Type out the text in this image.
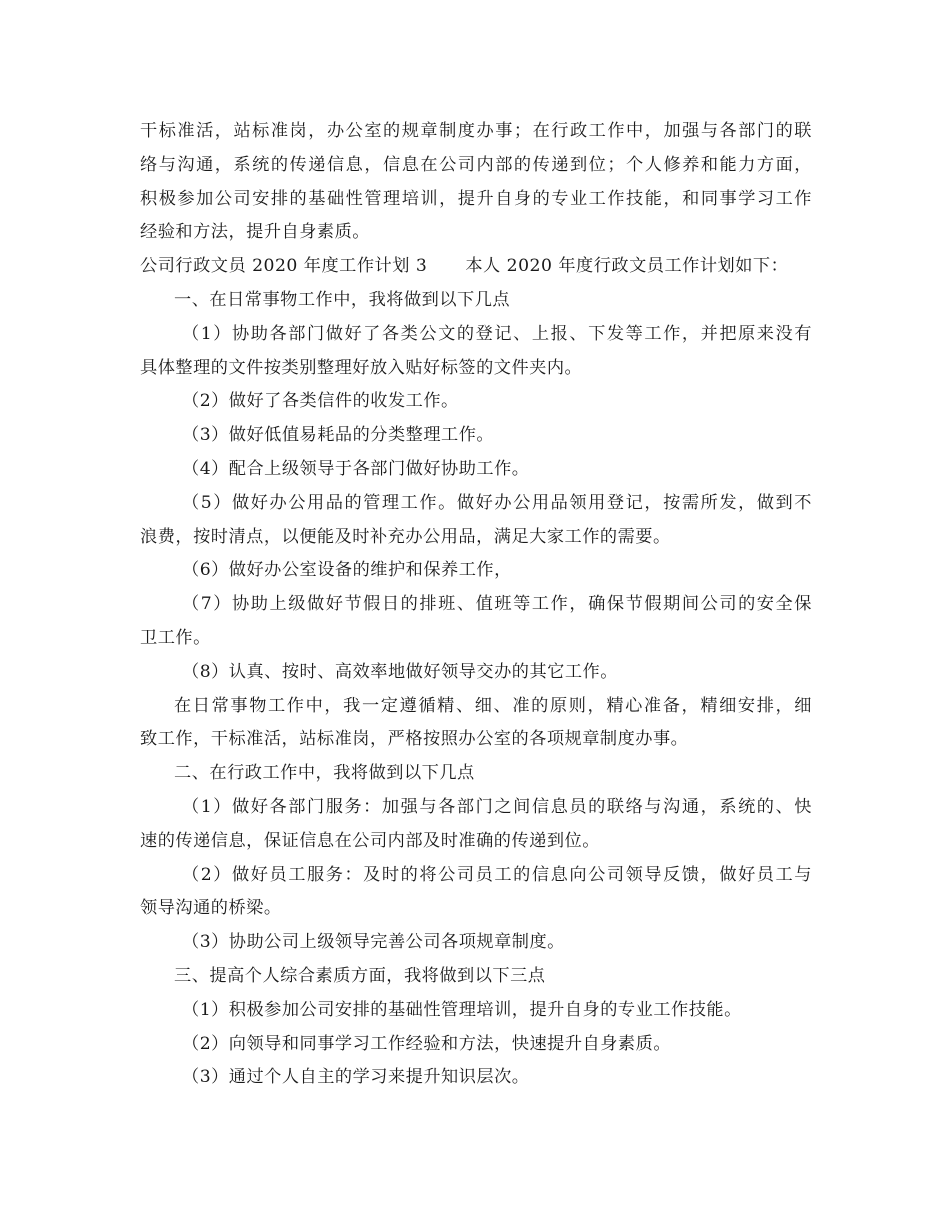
干标准活，站标准岗，办公室的规章制度办事；在行政工作中，加强与各部门的联
络与沟通，系统的传递信息，信息在公司内部的传递到位；个人修养和能力方面，
积极参加公司安排的基础性管理培训，提升自身的专业工作技能，和同事学习工作
经验和方法，提升自身素质。
公司行政文员 2020 年度工作计划 3 本人 2020 年度行政文员工作计划如下：
一、在日常事物工作中，我将做到以下几点
（1）协助各部门做好了各类公文的登记、上报、下发等工作，并把原来没有
具体整理的文件按类别整理好放入贴好标签的文件夹内。
（2）做好了各类信件的收发工作。
（3）做好低值易耗品的分类整理工作。
（4）配合上级领导于各部门做好协助工作。
（5）做好办公用品的管理工作。做好办公用品领用登记，按需所发，做到不
浪费，按时清点，以便能及时补充办公用品，满足大家工作的需要。
（6）做好办公室设备的维护和保养工作，
（7）协助上级做好节假日的排班、值班等工作，确保节假期间公司的安全保
卫工作。
（8）认真、按时、高效率地做好领导交办的其它工作。
在日常事物工作中，我一定遵循精、细、准的原则，精心准备，精细安排，细
致工作，干标准活，站标准岗，严格按照办公室的各项规章制度办事。
二、在行政工作中，我将做到以下几点
（1）做好各部门服务：加强与各部门之间信息员的联络与沟通，系统的、快
速的传递信息，保证信息在公司内部及时准确的传递到位。
（2）做好员工服务：及时的将公司员工的信息向公司领导反馈，做好员工与
领导沟通的桥梁。
（3）协助公司上级领导完善公司各项规章制度。
三、提高个人综合素质方面，我将做到以下三点
（1）积极参加公司安排的基础性管理培训，提升自身的专业工作技能。
（2）向领导和同事学习工作经验和方法，快速提升自身素质。
（3）通过个人自主的学习来提升知识层次。
